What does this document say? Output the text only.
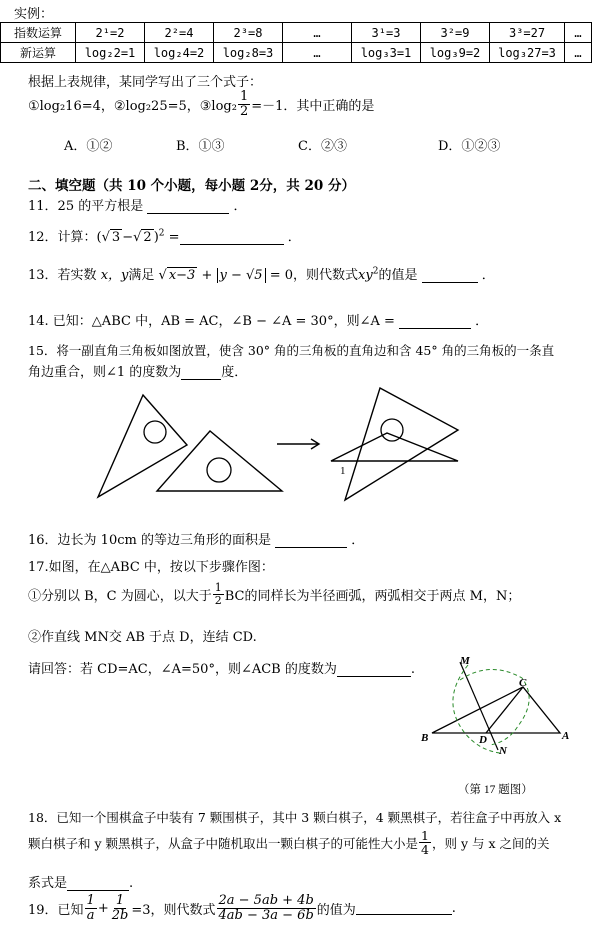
实例：
指数运算	2¹=2	2²=4	2³=8	…	3¹=3	3²=9	3³=27	…
新运算	log₂2=1	log₂4=2	log₂8=3	…	log₃3=1	log₃9=2	log₃27=3	…
根据上表规律，某同学写出了三个式子：
①log₂16=4，②log₂25=5，③log₂ $\frac{1}{2} =-1$．其中正确的是
A．①②	B．①③	C．②③	D．①②③
二、填空题（共 10 个小题，每小题 2分，共 20 分）
11．25 的平方根是	．
12．计算：(√ 3 −√ 2 )$^2$ =	．
13．若实数 x，y满足 √ x−3 + y − √5 = 0，则代数式$xy^2$的值是	．
14. 已知：△ABC 中，AB = AC，∠B − ∠A = 30°，则∠A =	．
15．将一副直角三角板如图放置，使含 30° 角的三角板的直角边和含 45° 角的三角板的一条直
角边重合，则∠1 的度数为	度．
1
16．边长为 10cm 的等边三角形的面积是	．
17.如图，在△ABC 中，按以下步骤作图：
①分别以 B，C 为圆心，以大于 $\frac{1}{2}$ BC的同样长为半径画弧，两弧相交于两点 M，N；
②作直线 MN交 AB 于点 D，连结 CD.
请回答：若 CD=AC，∠A=50°，则∠ACB 的度数为	.
M
C
B	D	A
N
（第 17 题图）
18．已知一个围棋盒子中装有 7 颗围棋子，其中 3 颗白棋子，4 颗黑棋子，若往盒子中再放入 x
颗白棋子和 y 颗黑棋子，从盒子中随机取出一颗白棋子的可能性大小是 $\frac{1}{4}$ ，则 y 与 x 之间的关
系式是	.
19．已知 $\frac{1}{a} + \frac{1}{2b} =3$，则代数式 $\frac{2a - 5ab + 4b}{4ab - 3a - 6b}$ 的值为	.
